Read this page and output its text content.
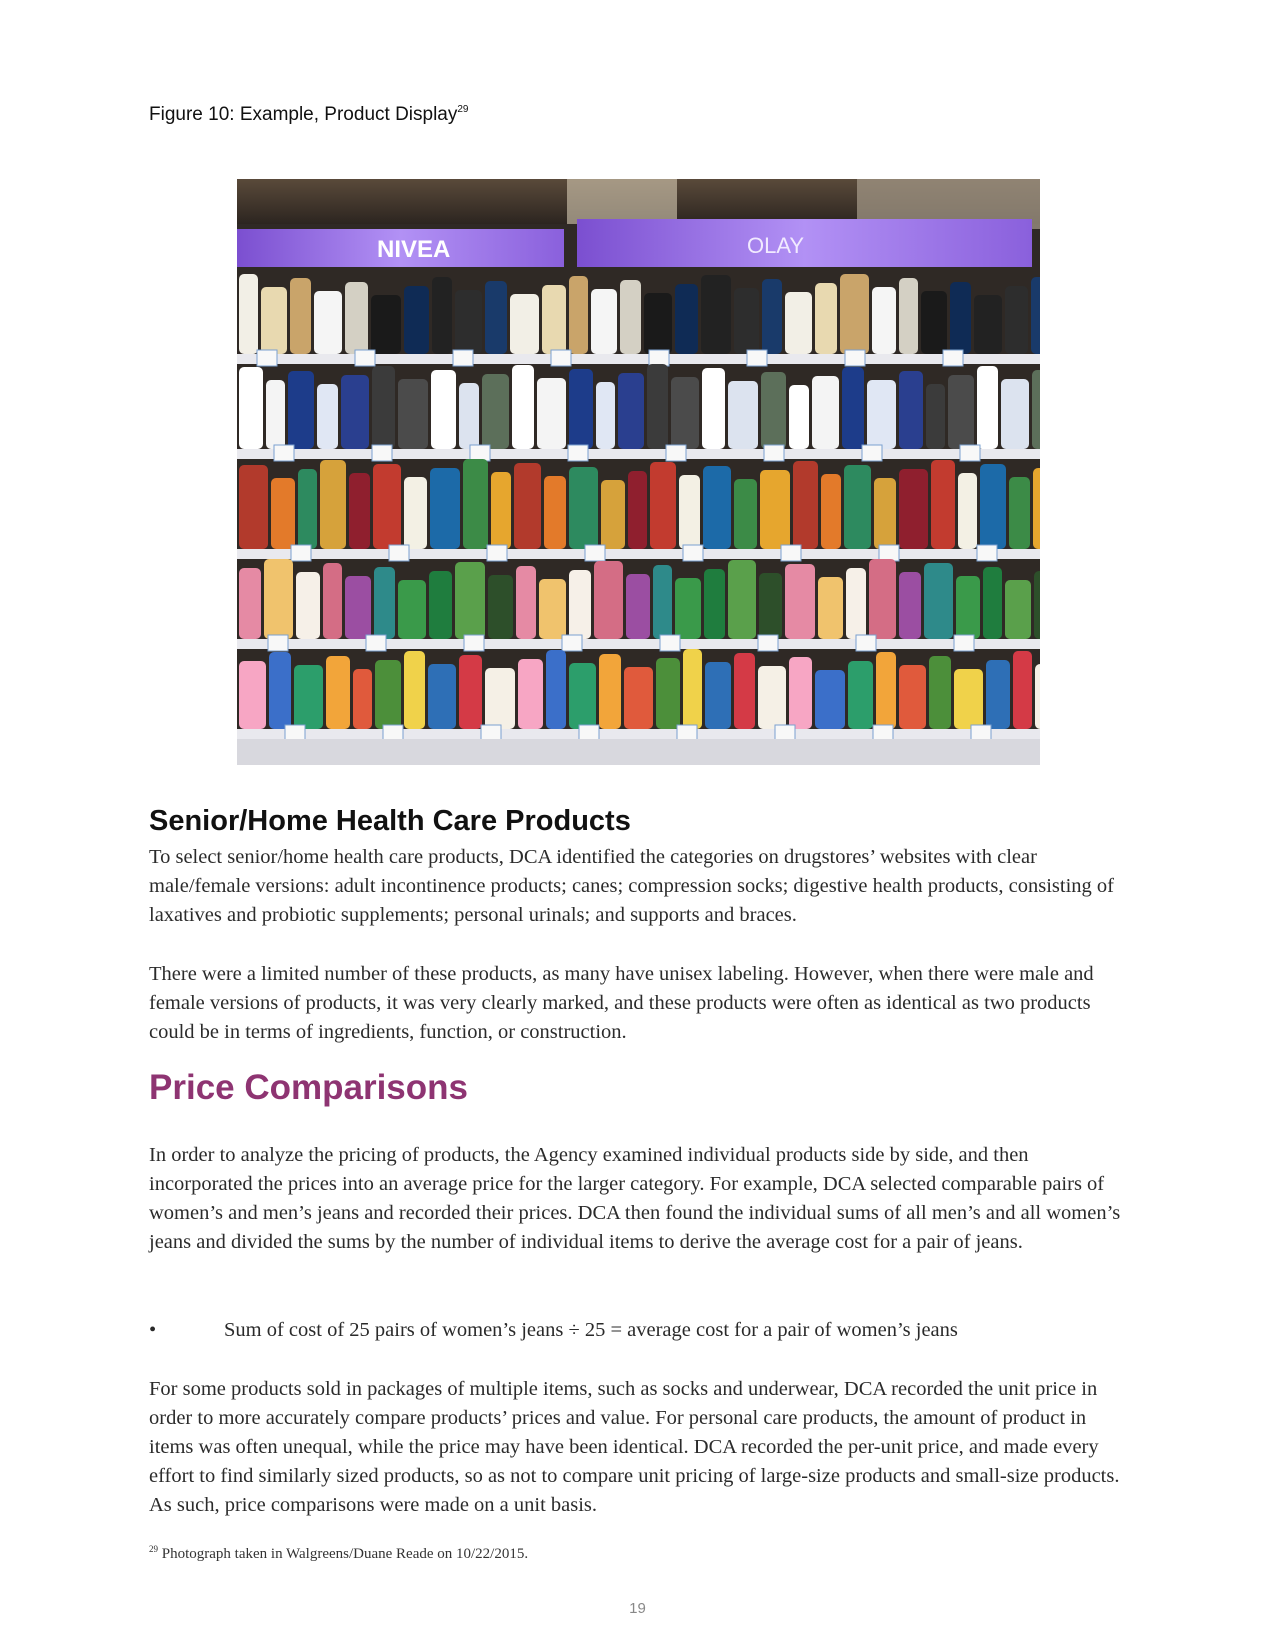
Figure 10: Example, Product Display$^{29}$
NIVEA	OLAY
Senior/Home Health Care Products

To select senior/home health care products, DCA identified the categories on drugstores’ websites with clear male/female versions: adult incontinence products; canes; compression socks; digestive health products, consisting of laxatives and probiotic supplements; personal urinals; and supports and braces.

There were a limited number of these products, as many have unisex labeling. However, when there were male and female versions of products, it was very clearly marked, and these products were often as identical as two products could be in terms of ingredients, function, or construction.

Price Comparisons

In order to analyze the pricing of products, the Agency examined individual products side by side, and then incorporated the prices into an average price for the larger category. For example, DCA selected comparable pairs of women’s and men’s jeans and recorded their prices. DCA then found the individual sums of all men’s and all women’s jeans and divided the sums by the number of individual items to derive the average cost for a pair of jeans.

•	Sum of cost of 25 pairs of women’s jeans ÷ 25 = average cost for a pair of women’s jeans

For some products sold in packages of multiple items, such as socks and underwear, DCA recorded the unit price in order to more accurately compare products’ prices and value. For personal care products, the amount of product in items was often unequal, while the price may have been identical. DCA recorded the per-unit price, and made every effort to find similarly sized products, so as not to compare unit pricing of large-size products and small-size products. As such, price comparisons were made on a unit basis.

$^{29}$ Photograph taken in Walgreens/Duane Reade on 10/22/2015.
19
